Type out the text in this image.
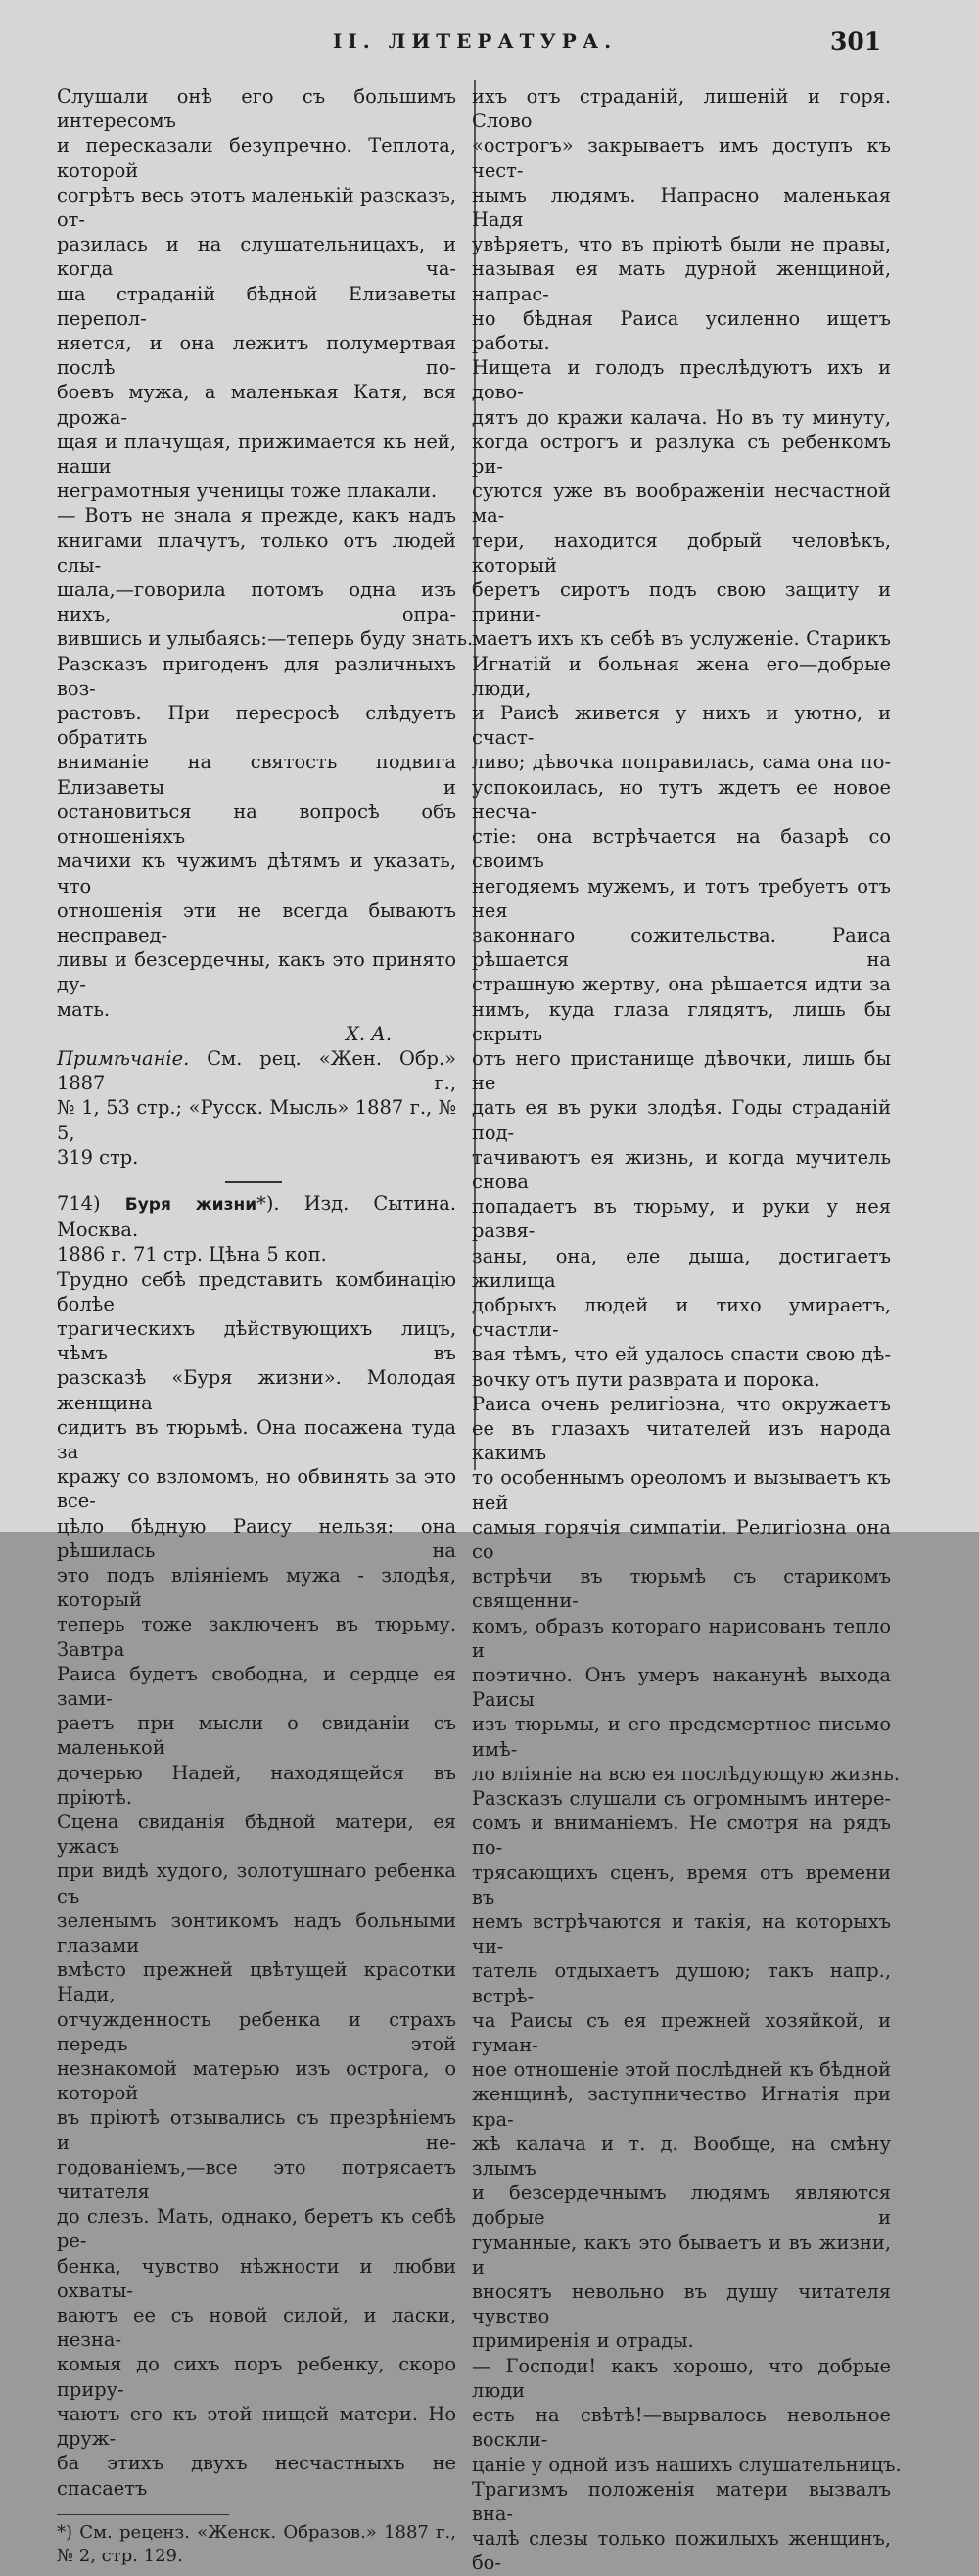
II. ЛИТЕРАТУРА.	301
Слушали онѣ его съ большимъ интересомъ
и пересказали безупречно. Теплота, которой
согрѣтъ весь этотъ маленькій разсказъ, от-
разилась и на слушательницахъ, и когда ча-
ша страданій бѣдной Елизаветы перепол-
няется, и она лежитъ полумертвая послѣ по-
боевъ мужа, а маленькая Катя, вся дрожа-
щая и плачущая, прижимается къ ней, наши
неграмотныя ученицы тоже плакали.
— Вотъ не знала я прежде, какъ надъ
книгами плачутъ, только отъ людей слы-
шала,—говорила потомъ одна изъ нихъ, опра-
вившись и улыбаясь:—теперь буду знать.
Разсказъ пригоденъ для различныхъ воз-
растовъ. При пересросѣ слѣдуетъ обратить
вниманіе на святость подвига Елизаветы и
остановиться на вопросѣ объ отношеніяхъ
мачихи къ чужимъ дѣтямъ и указать, что
отношенія эти не всегда бываютъ несправед-
ливы и безсердечны, какъ это принято ду-
мать.
Х. А.
Примѣчаніе. См. рец. «Жен. Обр.» 1887 г.,
№ 1, 53 стр.; «Русск. Мысль» 1887 г., № 5,
319 стр.
714) Буря жизни*). Изд. Сытина. Москва.
1886 г. 71 стр. Цѣна 5 коп.
Трудно себѣ представить комбинацію болѣе
трагическихъ дѣйствующихъ лицъ, чѣмъ въ
разсказѣ «Буря жизни». Молодая женщина
сидитъ въ тюрьмѣ. Она посажена туда за
кражу со взломомъ, но обвинять за это все-
цѣло бѣдную Раису нельзя: она рѣшилась на
это подъ вліяніемъ мужа - злодѣя, который
теперь тоже заключенъ въ тюрьму. Завтра
Раиса будетъ свободна, и сердце ея зами-
раетъ при мысли о свиданіи съ маленькой
дочерью Надей, находящейся въ пріютѣ.
Сцена свиданія бѣдной матери, ея ужасъ
при видѣ худого, золотушнаго ребенка съ
зеленымъ зонтикомъ надъ больными глазами
вмѣсто прежней цвѣтущей красотки Нади,
отчужденность ребенка и страхъ передъ этой
незнакомой матерью изъ острога, о которой
въ пріютѣ отзывались съ презрѣніемъ и не-
годованіемъ,—все это потрясаетъ читателя
до слезъ. Мать, однако, беретъ къ себѣ ре-
бенка, чувство нѣжности и любви охваты-
ваютъ ее съ новой силой, и ласки, незна-
комыя до сихъ поръ ребенку, скоро приру-
чаютъ его къ этой нищей матери. Но друж-
ба этихъ двухъ несчастныхъ не спасаетъ
*) См. реценз. «Женск. Образов.» 1887 г.,
№ 2, стр. 129.
ихъ отъ страданій, лишеній и горя. Слово
«острогъ» закрываетъ имъ доступъ къ чест-
нымъ людямъ. Напрасно маленькая Надя
увѣряетъ, что въ пріютѣ были не правы,
называя ея мать дурной женщиной, напрас-
но бѣдная Раиса усиленно ищетъ работы.
Нищета и голодъ преслѣдуютъ ихъ и дово-
дятъ до кражи калача. Но въ ту минуту,
когда острогъ и разлука съ ребенкомъ ри-
суются уже въ воображеніи несчастной ма-
тери, находится добрый человѣкъ, который
беретъ сиротъ подъ свою защиту и прини-
маетъ ихъ къ себѣ въ услуженіе. Старикъ
Игнатій и больная жена его—добрые люди,
и Раисѣ живется у нихъ и уютно, и счаст-
ливо; дѣвочка поправилась, сама она по-
успокоилась, но тутъ ждетъ ее новое несча-
стіе: она встрѣчается на базарѣ со своимъ
негодяемъ мужемъ, и тотъ требуетъ отъ нея
законнаго сожительства. Раиса рѣшается на
страшную жертву, она рѣшается идти за
нимъ, куда глаза глядятъ, лишь бы скрыть
отъ него пристанище дѣвочки, лишь бы не
дать ея въ руки злодѣя. Годы страданій под-
тачиваютъ ея жизнь, и когда мучитель снова
попадаетъ въ тюрьму, и руки у нея развя-
заны, она, еле дыша, достигаетъ жилища
добрыхъ людей и тихо умираетъ, счастли-
вая тѣмъ, что ей удалось спасти свою дѣ-
вочку отъ пути разврата и порока.
Раиса очень религіозна, что окружаетъ
ее въ глазахъ читателей изъ народа какимъ
то особеннымъ ореоломъ и вызываетъ къ ней
самыя горячія симпатіи. Религіозна она со
встрѣчи въ тюрьмѣ съ старикомъ священни-
комъ, образъ котораго нарисованъ тепло и
поэтично. Онъ умеръ наканунѣ выхода Раисы
изъ тюрьмы, и его предсмертное письмо имѣ-
ло вліяніе на всю ея послѣдующую жизнь.
Разсказъ слушали съ огромнымъ интере-
сомъ и вниманіемъ. Не смотря на рядъ по-
трясающихъ сценъ, время отъ времени въ
немъ встрѣчаются и такія, на которыхъ чи-
татель отдыхаетъ душою; такъ напр., встрѣ-
ча Раисы съ ея прежней хозяйкой, и гуман-
ное отношеніе этой послѣдней къ бѣдной
женщинѣ, заступничество Игнатія при кра-
жѣ калача и т. д. Вообще, на смѣну злымъ
и безсердечнымъ людямъ являются добрые и
гуманные, какъ это бываетъ и въ жизни, и
вносятъ невольно въ душу читателя чувство
примиренія и отрады.
— Господи! какъ хорошо, что добрые люди
есть на свѣтѣ!—вырвалось невольное воскли-
цаніе у одной изъ нашихъ слушательницъ.
Трагизмъ положенія матери вызвалъ вна-
чалѣ слезы только пожилыхъ женщинъ, бо-
